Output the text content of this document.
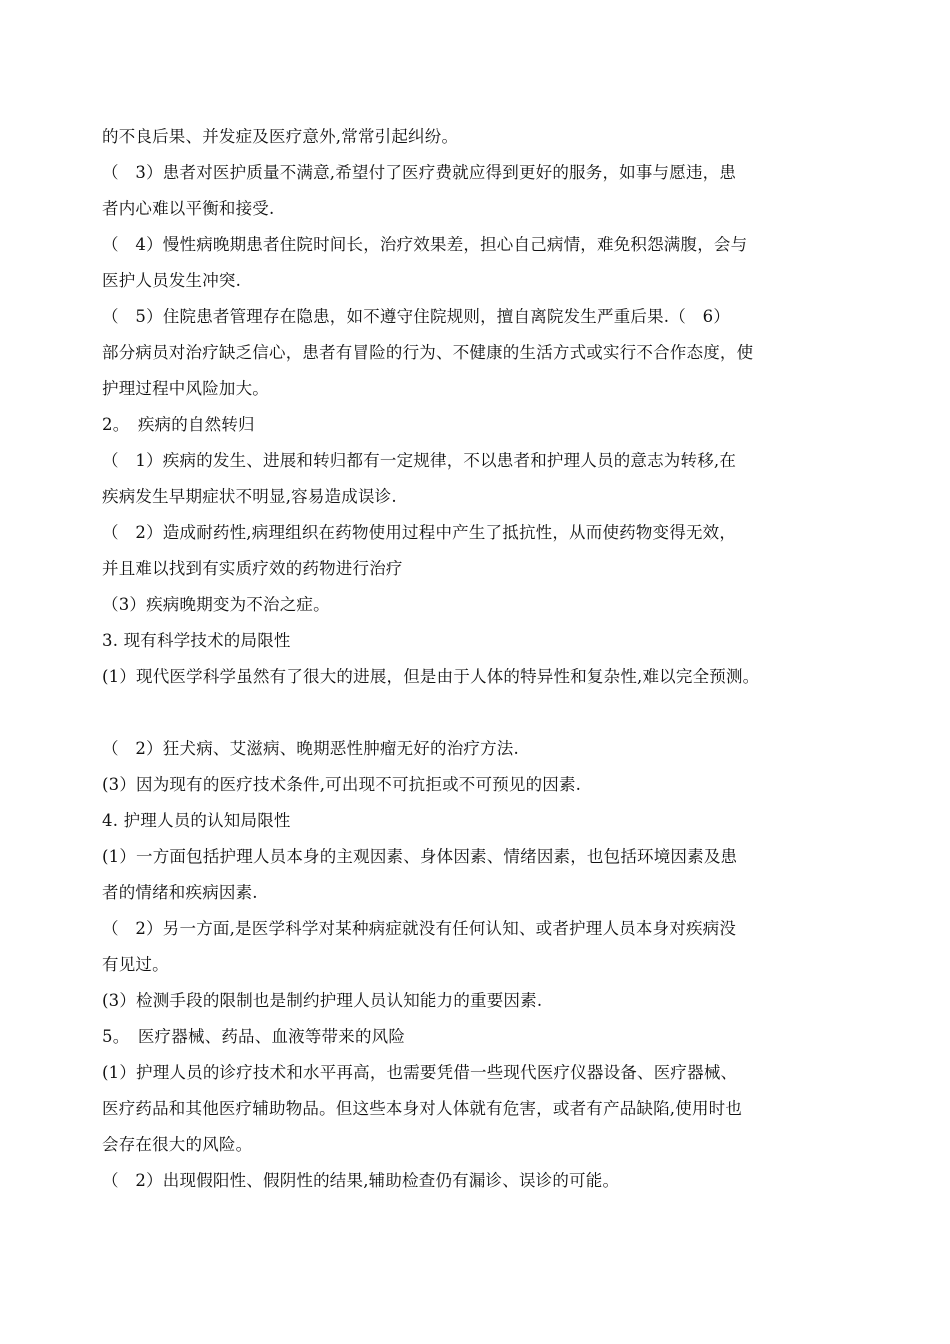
的不良后果、并发症及医疗意外,常常引起纠纷。
（　3）患者对医护质量不满意,希望付了医疗费就应得到更好的服务，如事与愿违，患
者内心难以平衡和接受.
（　4）慢性病晚期患者住院时间长，治疗效果差，担心自己病情，难免积怨满腹，会与
医护人员发生冲突.
（　5）住院患者管理存在隐患，如不遵守住院规则，擅自离院发生严重后果.（　6）
部分病员对治疗缺乏信心，患者有冒险的行为、不健康的生活方式或实行不合作态度，使
护理过程中风险加大。
2。　疾病的自然转归
（　1）疾病的发生、进展和转归都有一定规律，不以患者和护理人员的意志为转移,在
疾病发生早期症状不明显,容易造成误诊.
（　2）造成耐药性,病理组织在药物使用过程中产生了抵抗性，从而使药物变得无效，
并且难以找到有实质疗效的药物进行治疗
（3）疾病晚期变为不治之症。
3. 现有科学技术的局限性
(1）现代医学科学虽然有了很大的进展，但是由于人体的特异性和复杂性,难以完全预测。
（　2）狂犬病、艾滋病、晚期恶性肿瘤无好的治疗方法.
(3）因为现有的医疗技术条件,可出现不可抗拒或不可预见的因素.
4. 护理人员的认知局限性
(1）一方面包括护理人员本身的主观因素、身体因素、情绪因素，也包括环境因素及患
者的情绪和疾病因素.
（　2）另一方面,是医学科学对某种病症就没有任何认知、或者护理人员本身对疾病没
有见过。
(3）检测手段的限制也是制约护理人员认知能力的重要因素.
5。　医疗器械、药品、血液等带来的风险
(1）护理人员的诊疗技术和水平再高，也需要凭借一些现代医疗仪器设备、医疗器械、
医疗药品和其他医疗辅助物品。但这些本身对人体就有危害，或者有产品缺陷,使用时也
会存在很大的风险。
（　2）出现假阳性、假阴性的结果,辅助检查仍有漏诊、误诊的可能。
